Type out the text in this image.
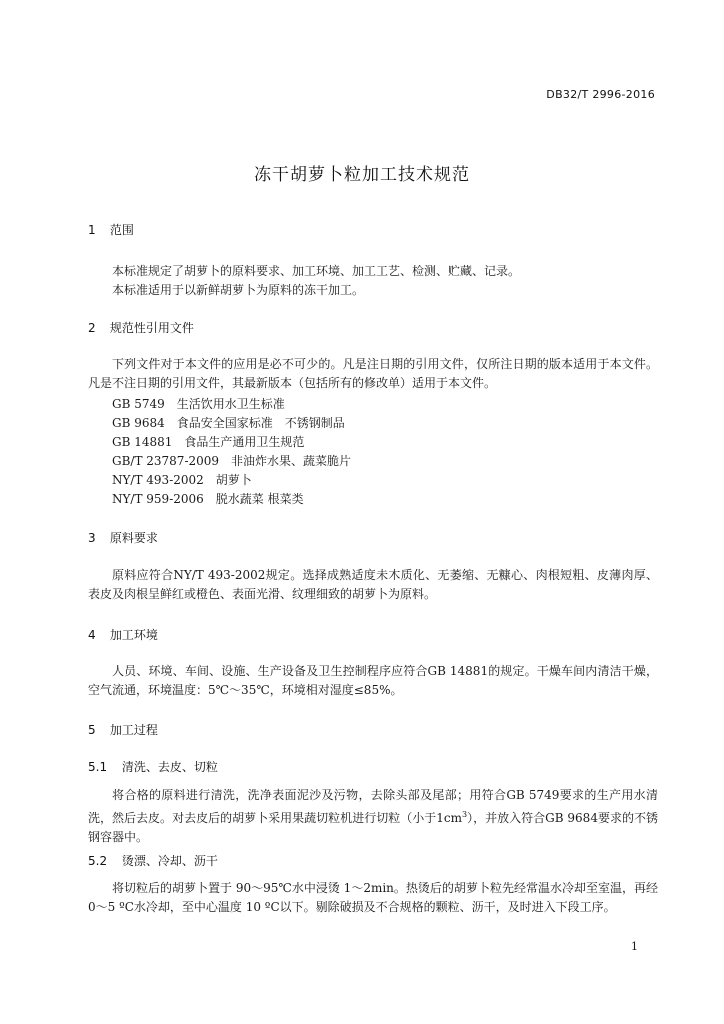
DB32/T 2996-2016
冻干胡萝卜粒加工技术规范
1 范围
本标准规定了胡萝卜的原料要求、加工环境、加工工艺、检测、贮藏、记录。
本标准适用于以新鲜胡萝卜为原料的冻干加工。
2 规范性引用文件

下列文件对于本文件的应用是必不可少的。凡是注日期的引用文件，仅所注日期的版本适用于本文件。凡是不注日期的引用文件，其最新版本（包括所有的修改单）适用于本文件。

GB 5749　生活饮用水卫生标准
GB 9684　食品安全国家标准　不锈钢制品
GB 14881　食品生产通用卫生规范
GB/T 23787-2009　非油炸水果、蔬菜脆片
NY/T 493-2002　胡萝卜
NY/T 959-2006　脱水蔬菜 根菜类
3 原料要求

原料应符合NY/T 493-2002规定。选择成熟适度未木质化、无萎缩、无糠心、肉根短粗、皮薄肉厚、表皮及肉根呈鲜红或橙色、表面光滑、纹理细致的胡萝卜为原料。

4 加工环境

人员、环境、车间、设施、生产设备及卫生控制程序应符合GB 14881的规定。干燥车间内清洁干燥，空气流通，环境温度：5℃～35℃，环境相对湿度≤85%。

5 加工过程
5.1 清洗、去皮、切粒

将合格的原料进行清洗，洗净表面泥沙及污物，去除头部及尾部；用符合GB 5749要求的生产用水清洗，然后去皮。对去皮后的胡萝卜采用果蔬切粒机进行切粒（小于$1cm^3$），并放入符合GB 9684要求的不锈钢容器中。

5.2 烫漂、冷却、沥干

将切粒后的胡萝卜置于 90～95℃水中浸烫 1～2min。热烫后的胡萝卜粒先经常温水冷却至室温，再经 0～5 ºC水冷却，至中心温度 10 ºC以下。剔除破损及不合规格的颗粒、沥干，及时进入下段工序。

1
